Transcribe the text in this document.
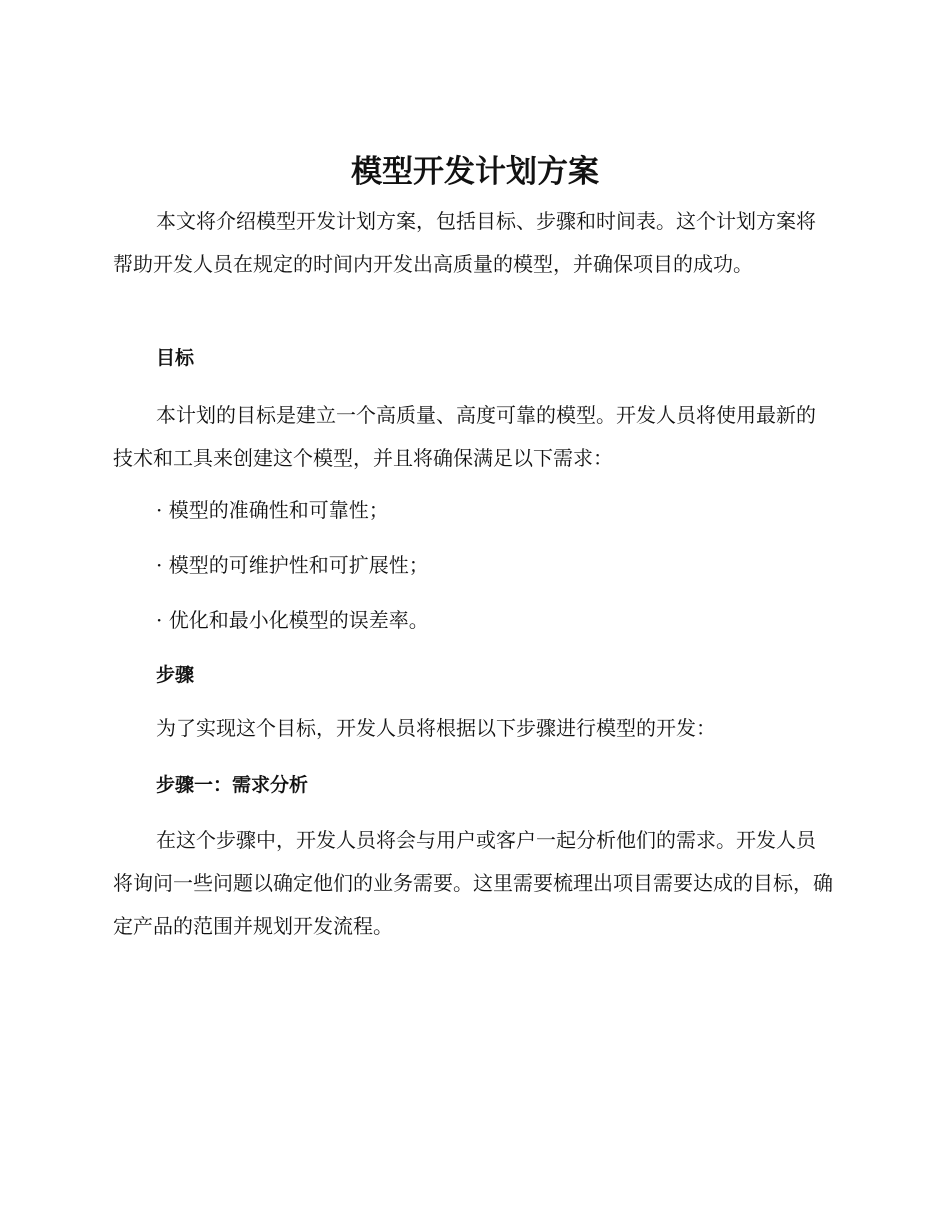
模型开发计划方案

本文将介绍模型开发计划方案，包括目标、步骤和时间表。这个计划方案将帮助开发人员在规定的时间内开发出高质量的模型，并确保项目的成功。

目标

本计划的目标是建立一个高质量、高度可靠的模型。开发人员将使用最新的技术和工具来创建这个模型，并且将确保满足以下需求：

· 模型的准确性和可靠性；

· 模型的可维护性和可扩展性；

· 优化和最小化模型的误差率。

步骤

为了实现这个目标，开发人员将根据以下步骤进行模型的开发：

步骤一：需求分析

在这个步骤中，开发人员将会与用户或客户一起分析他们的需求。开发人员将询问一些问题以确定他们的业务需要。这里需要梳理出项目需要达成的目标，确定产品的范围并规划开发流程。
